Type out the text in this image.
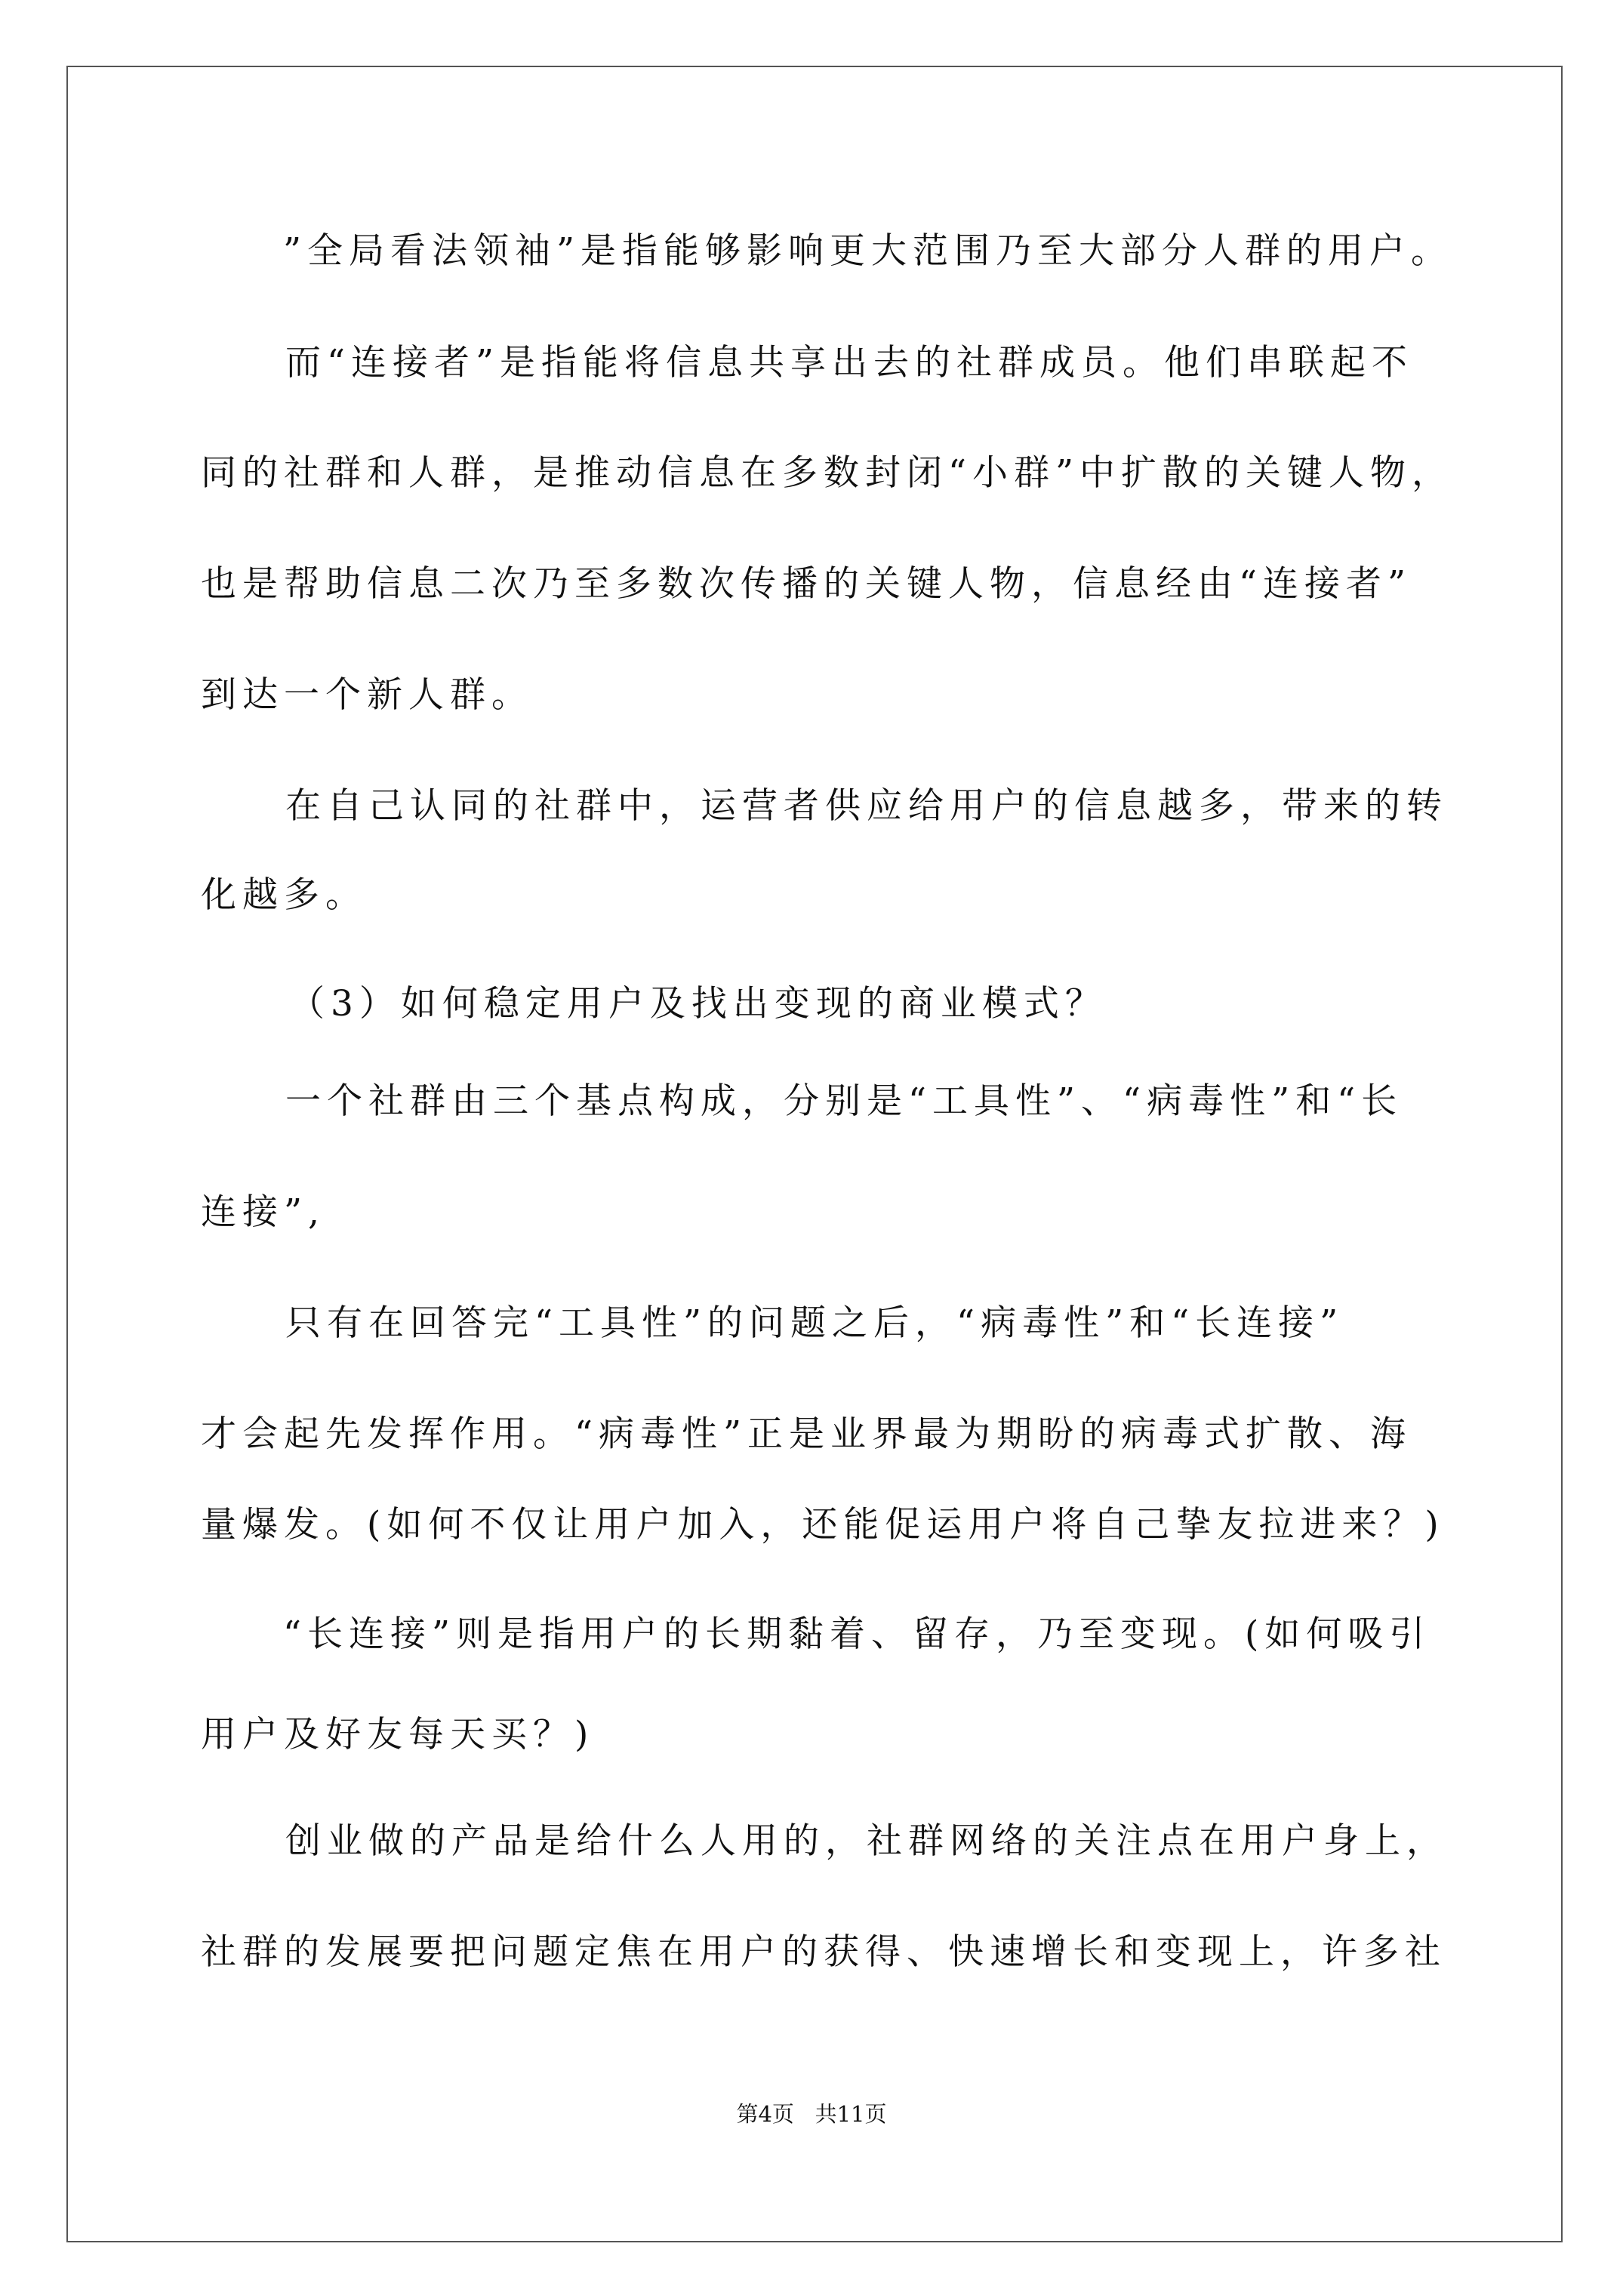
”全局看法领袖”是指能够影响更大范围乃至大部分人群的用户。
而“连接者”是指能将信息共享出去的社群成员。他们串联起不
同的社群和人群，是推动信息在多数封闭“小群”中扩散的关键人物，
也是帮助信息二次乃至多数次传播的关键人物，信息经由“连接者”
到达一个新人群。
在自己认同的社群中，运营者供应给用户的信息越多，带来的转
化越多。
（3）如何稳定用户及找出变现的商业模式？
一个社群由三个基点构成，分别是“工具性”、“病毒性”和“长
连接”,
只有在回答完“工具性”的问题之后，“病毒性”和“长连接”
才会起先发挥作用。“病毒性”正是业界最为期盼的病毒式扩散、海
量爆发。(如何不仅让用户加入，还能促运用户将自己挚友拉进来？)
“长连接”则是指用户的长期黏着、留存，乃至变现。(如何吸引
用户及好友每天买？)
创业做的产品是给什么人用的，社群网络的关注点在用户身上，
社群的发展要把问题定焦在用户的获得、快速增长和变现上，许多社
第4页   共11页
